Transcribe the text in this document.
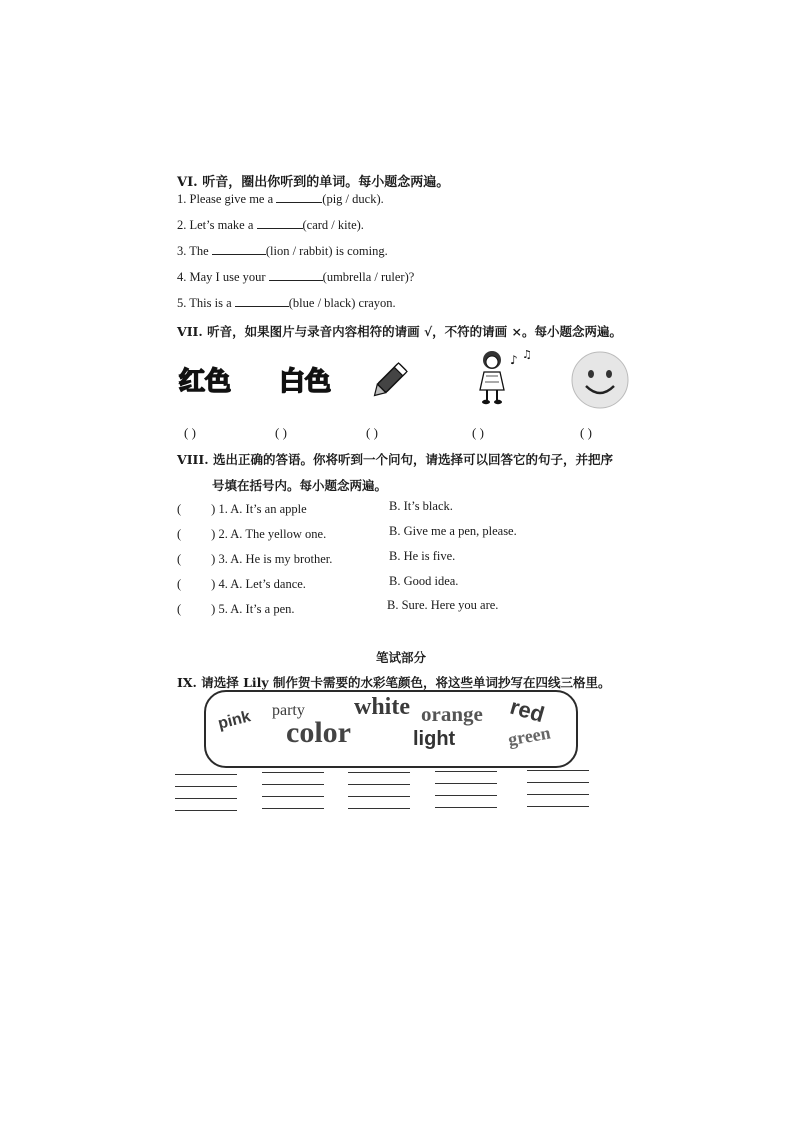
VI. 听音，圈出你听到的单词。每小题念两遍。
1. Please give me a	(pig / duck).
2. Let’s make a	(card / kite).
3. The	(lion / rabbit) is coming.
4. May I use your	(umbrella / ruler)?
5. This is a	(blue / black) crayon.
VII. 听音，如果图片与录音内容相符的请画 √，不符的请画 ×。每小题念两遍。
红色 白色
♪ ♫
( )	( )	( )	( )	( )
VIII. 选出正确的答语。你将听到一个问句，请选择可以回答它的句子，并把序
号填在括号内。每小题念两遍。
( ) 1. A. It’s an apple	B. It’s black.
( ) 2. A. The yellow one.	B. Give me a pen, please.
( ) 3. A. He is my brother.	B. He is five.
( ) 4. A. Let’s dance.	B. Good idea.
( ) 5. A. It’s a pen.	B. Sure. Here you are.
笔试部分
IX. 请选择 Lily 制作贺卡需要的水彩笔颜色，将这些单词抄写在四线三格里。
pink party white orange red
color	light	green
